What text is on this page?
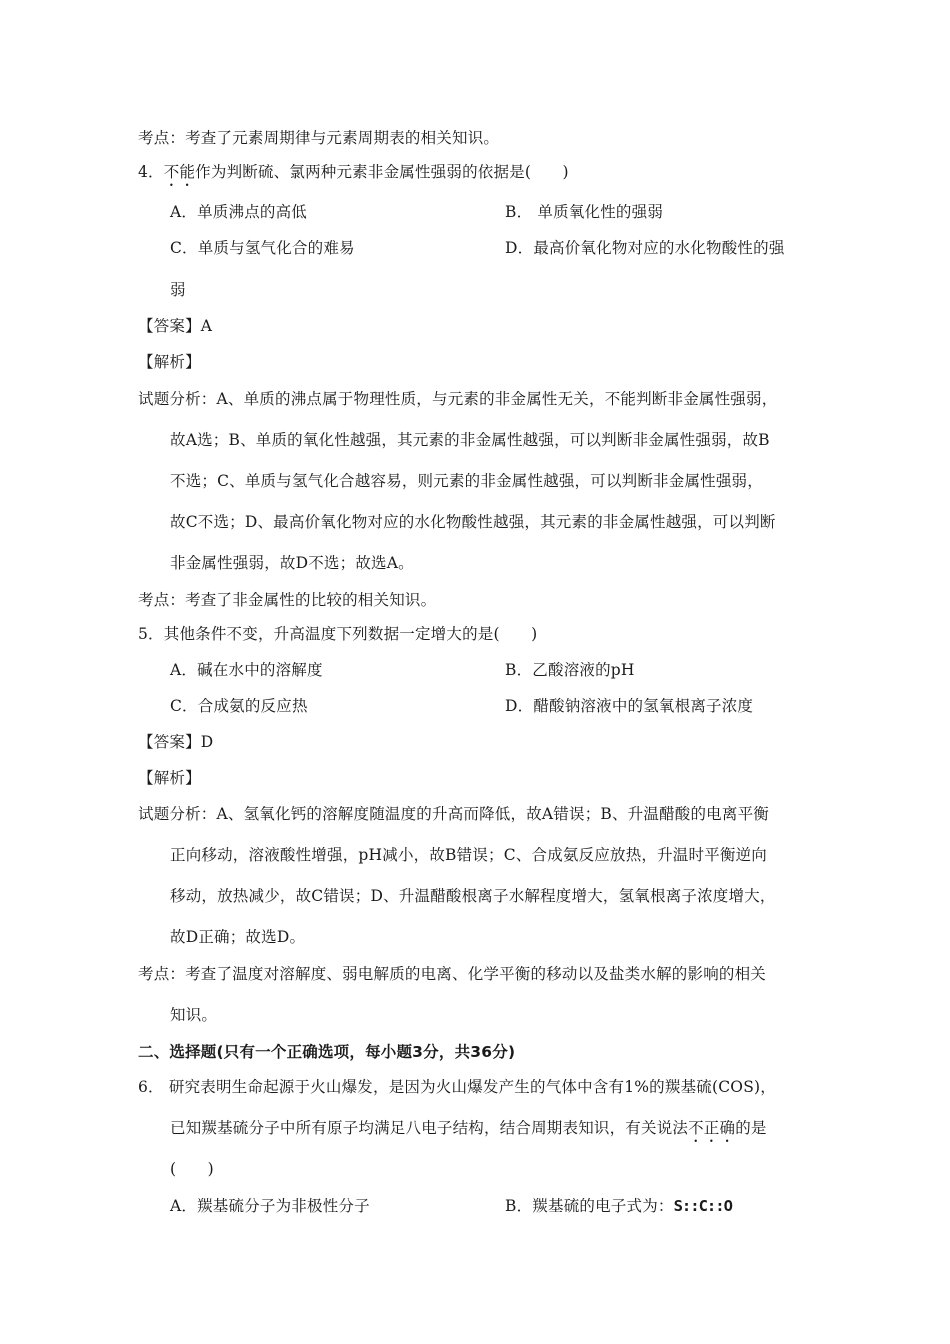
考点：考查了元素周期律与元素周期表的相关知识。
4．不能作为判断硫、氯两种元素非金属性强弱的依据是(　　)
A．单质沸点的高低	B． 单质氧化性的强弱
C．单质与氢气化合的难易	D．最高价氧化物对应的水化物酸性的强
弱
【答案】A
【解析】
试题分析：A、单质的沸点属于物理性质，与元素的非金属性无关，不能判断非金属性强弱，
故A选；B、单质的氧化性越强，其元素的非金属性越强，可以判断非金属性强弱，故B
不选；C、单质与氢气化合越容易，则元素的非金属性越强，可以判断非金属性强弱，
故C不选；D、最高价氧化物对应的水化物酸性越强，其元素的非金属性越强，可以判断
非金属性强弱，故D不选；故选A。
考点：考查了非金属性的比较的相关知识。
5．其他条件不变，升高温度下列数据一定增大的是(　　)
A．碱在水中的溶解度	B．乙酸溶液的pH
C．合成氨的反应热	D．醋酸钠溶液中的氢氧根离子浓度
【答案】D
【解析】
试题分析：A、氢氧化钙的溶解度随温度的升高而降低，故A错误；B、升温醋酸的电离平衡
正向移动，溶液酸性增强，pH减小，故B错误；C、合成氨反应放热，升温时平衡逆向
移动，放热减少，故C错误；D、升温醋酸根离子水解程度增大，氢氧根离子浓度增大，
故D正确；故选D。
考点：考查了温度对溶解度、弱电解质的电离、化学平衡的移动以及盐类水解的影响的相关
知识。
二、选择题(只有一个正确选项，每小题3分，共36分)
6． 研究表明生命起源于火山爆发，是因为火山爆发产生的气体中含有1%的羰基硫(COS)，
已知羰基硫分子中所有原子均满足八电子结构，结合周期表知识，有关说法不正确的是
(　　)
A．羰基硫分子为非极性分子	B．羰基硫的电子式为：S::C::O
